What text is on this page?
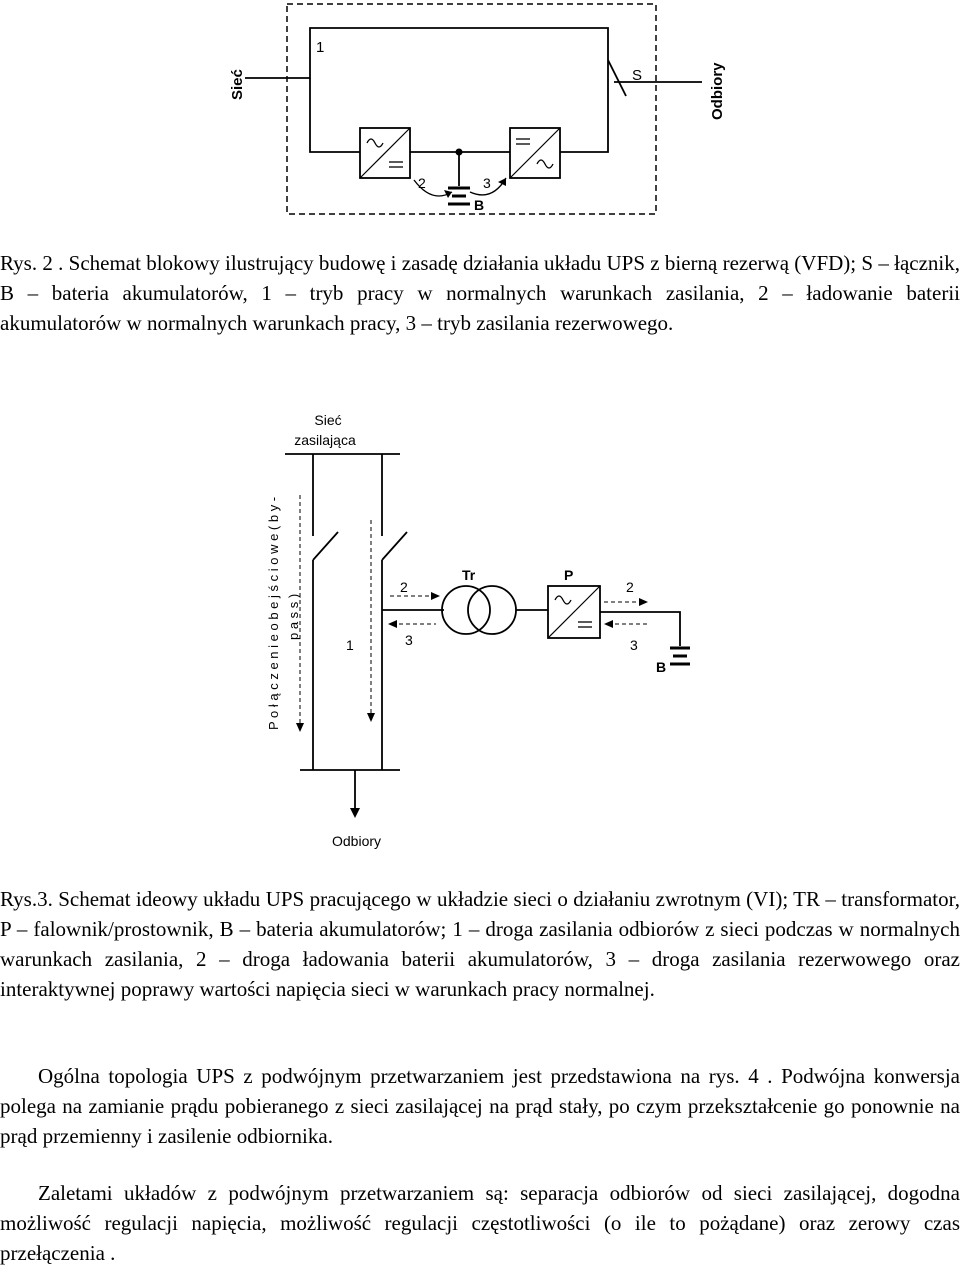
Sieć	Odbiory
1
S
2	3
B

Rys. 2 . Schemat blokowy ilustrujący budowę i zasadę działania układu UPS z bierną rezerwą (VFD); S – łącznik, B – bateria akumulatorów, 1 – tryb pracy w normalnych warunkach zasilania, 2 – ładowanie baterii akumulatorów w normalnych warunkach pracy, 3 – tryb zasilania rezerwowego.

Sieć
zasilająca
P o ł ą c z e n i e o b e j ś c i o w e ( b y - p a s s )
1
2
3
Tr	P
2
3
B
Odbiory

Rys.3. Schemat ideowy układu UPS pracującego w układzie sieci o działaniu zwrotnym (VI); TR – transformator, P – falownik/prostownik, B – bateria akumulatorów; 1 – droga zasilania odbiorów z sieci podczas w normalnych warunkach zasilania, 2 – droga ładowania baterii akumulatorów, 3 – droga zasilania rezerwowego oraz interaktywnej poprawy wartości napięcia sieci w warunkach pracy normalnej.

Ogólna topologia UPS z podwójnym przetwarzaniem jest przedstawiona na rys. 4 . Podwójna konwersja polega na zamianie prądu pobieranego z sieci zasilającej na prąd stały, po czym przekształcenie go ponownie na prąd przemienny i zasilenie odbiornika.

Zaletami układów z podwójnym przetwarzaniem są: separacja odbiorów od sieci zasilającej, dogodna możliwość regulacji napięcia, możliwość regulacji częstotliwości (o ile to pożądane) oraz zerowy czas przełączenia .
